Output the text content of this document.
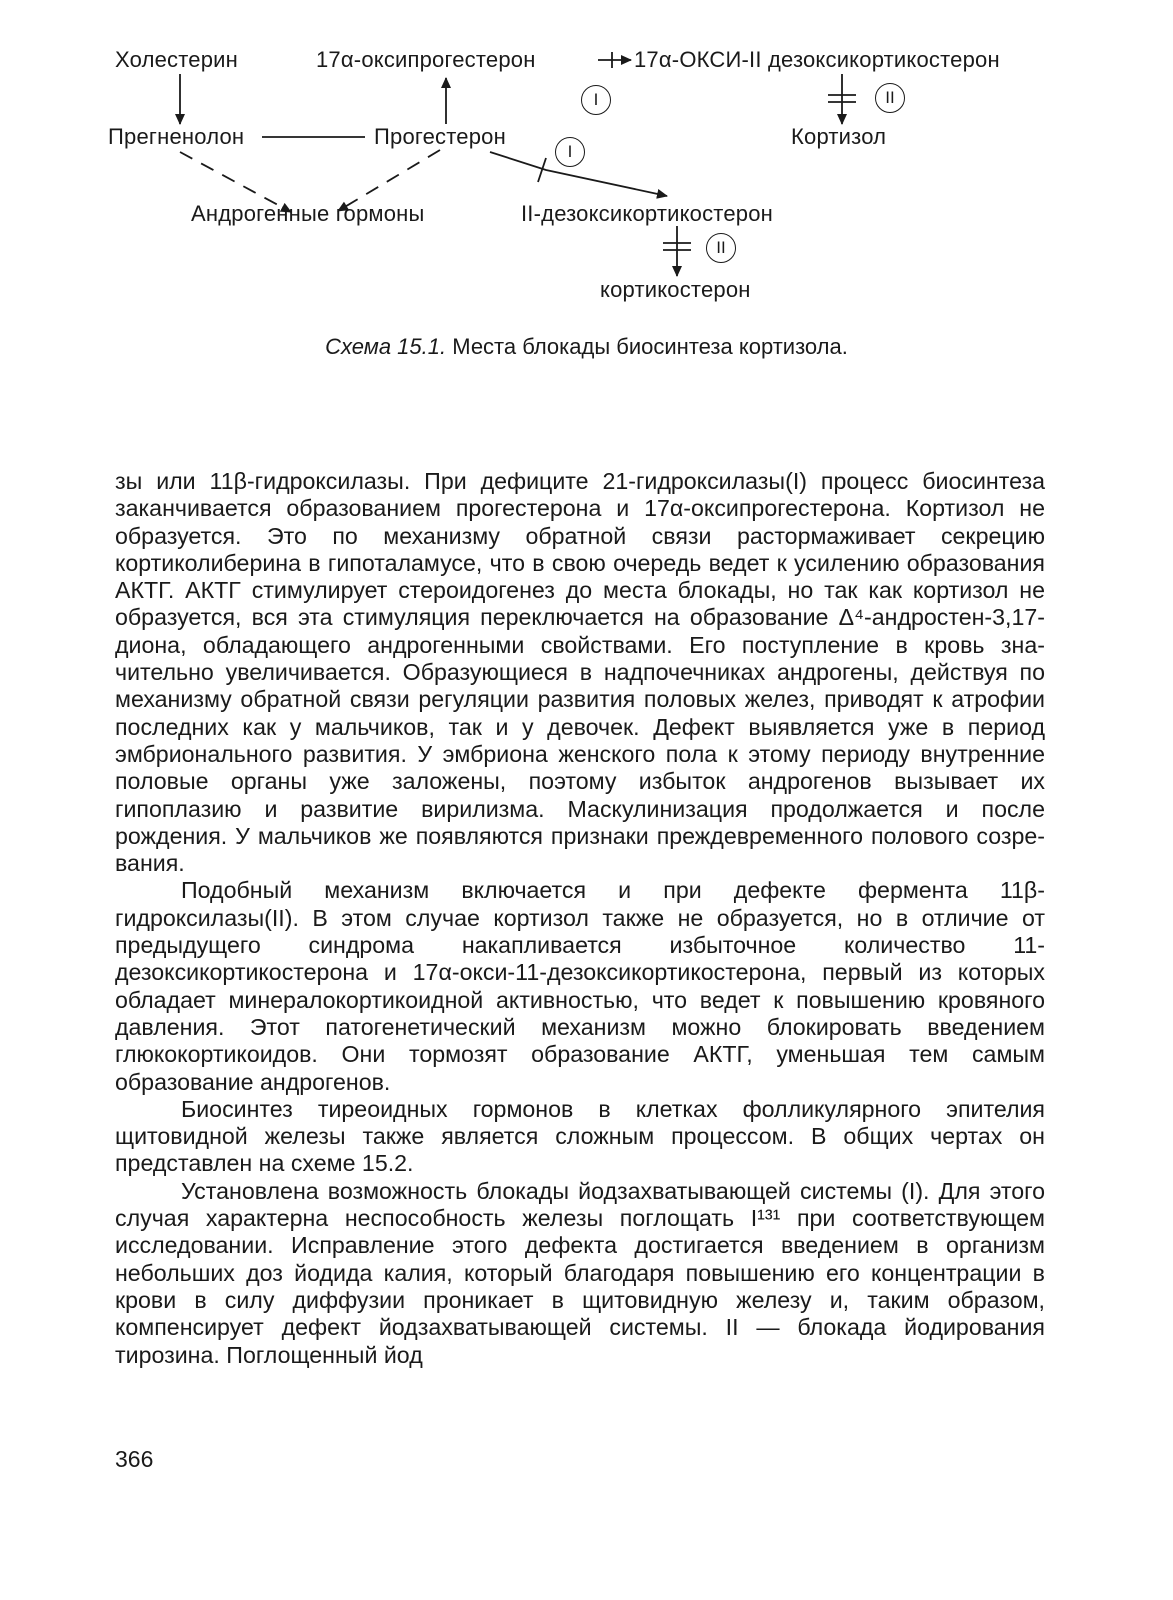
Холестерин	17α-оксипрогестерон	17α-ОКСИ-II дезоксикортикостерон
Прегненолон	Прогестерон	Кортизол
Андрогенные гормоны	II-дезоксикортикостерон
кортикостерон
I	II
I
II
Схема 15.1. Места блокады биосинтеза кортизола.

зы или 11β-гидроксилазы. При дефиците 21-гидроксилазы(I) процесс биосинтеза заканчивается образованием прогестерона и 17α-оксипрогестерона. Кортизол не образуется. Это по механизму обратной связи растормаживает секрецию кортиколиберина в гипоталамусе, что в свою очередь ведет к усилению образования АКТГ. АКТГ стимулирует стероидогенез до места блокады, но так как кортизол не образуется, вся эта стимуляция переключается на образование Δ⁴-андростен-3,17-диона, обладающего андрогенными свойствами. Его поступление в кровь значительно увеличивается. Образующиеся в надпочечниках андрогены, действуя по механизму обратной связи регуляции развития половых желез, приводят к атрофии последних как у мальчиков, так и у девочек. Дефект выявляется уже в период эмбрионального развития. У эмбриона женского пола к этому периоду внутренние половые органы уже заложены, поэтому избыток андрогенов вызывает их гипоплазию и развитие вирилизма. Маскулинизация продолжается и после рождения. У мальчиков же появляются признаки преждевременного полового созревания.

Подобный механизм включается и при дефекте фермента 11β-гидроксилазы(II). В этом случае кортизол также не образуется, но в отличие от предыдущего синдрома накапливается избыточное количество 11-дезоксикортикостерона и 17α-окси-11-дезоксикортикостерона, первый из которых обладает минералокортикоидной активностью, что ведет к повышению кровяного давления. Этот патогенетический механизм можно блокировать введением глюкокортикоидов. Они тормозят образование АКТГ, уменьшая тем самым образование андрогенов.

Биосинтез тиреоидных гормонов в клетках фолликулярного эпителия щитовидной железы также является сложным процессом. В общих чертах он представлен на схеме 15.2.

Установлена возможность блокады йодзахватывающей системы (I). Для этого случая характерна неспособность железы поглощать I¹³¹ при соответствующем исследовании. Исправление этого дефекта достигается введением в организм небольших доз йодида калия, который благодаря повышению его концентрации в крови в силу диффузии проникает в щитовидную железу и, таким образом, компенсирует дефект йодзахватывающей системы. II — блокада йодирования тирозина. Поглощенный йод

366
